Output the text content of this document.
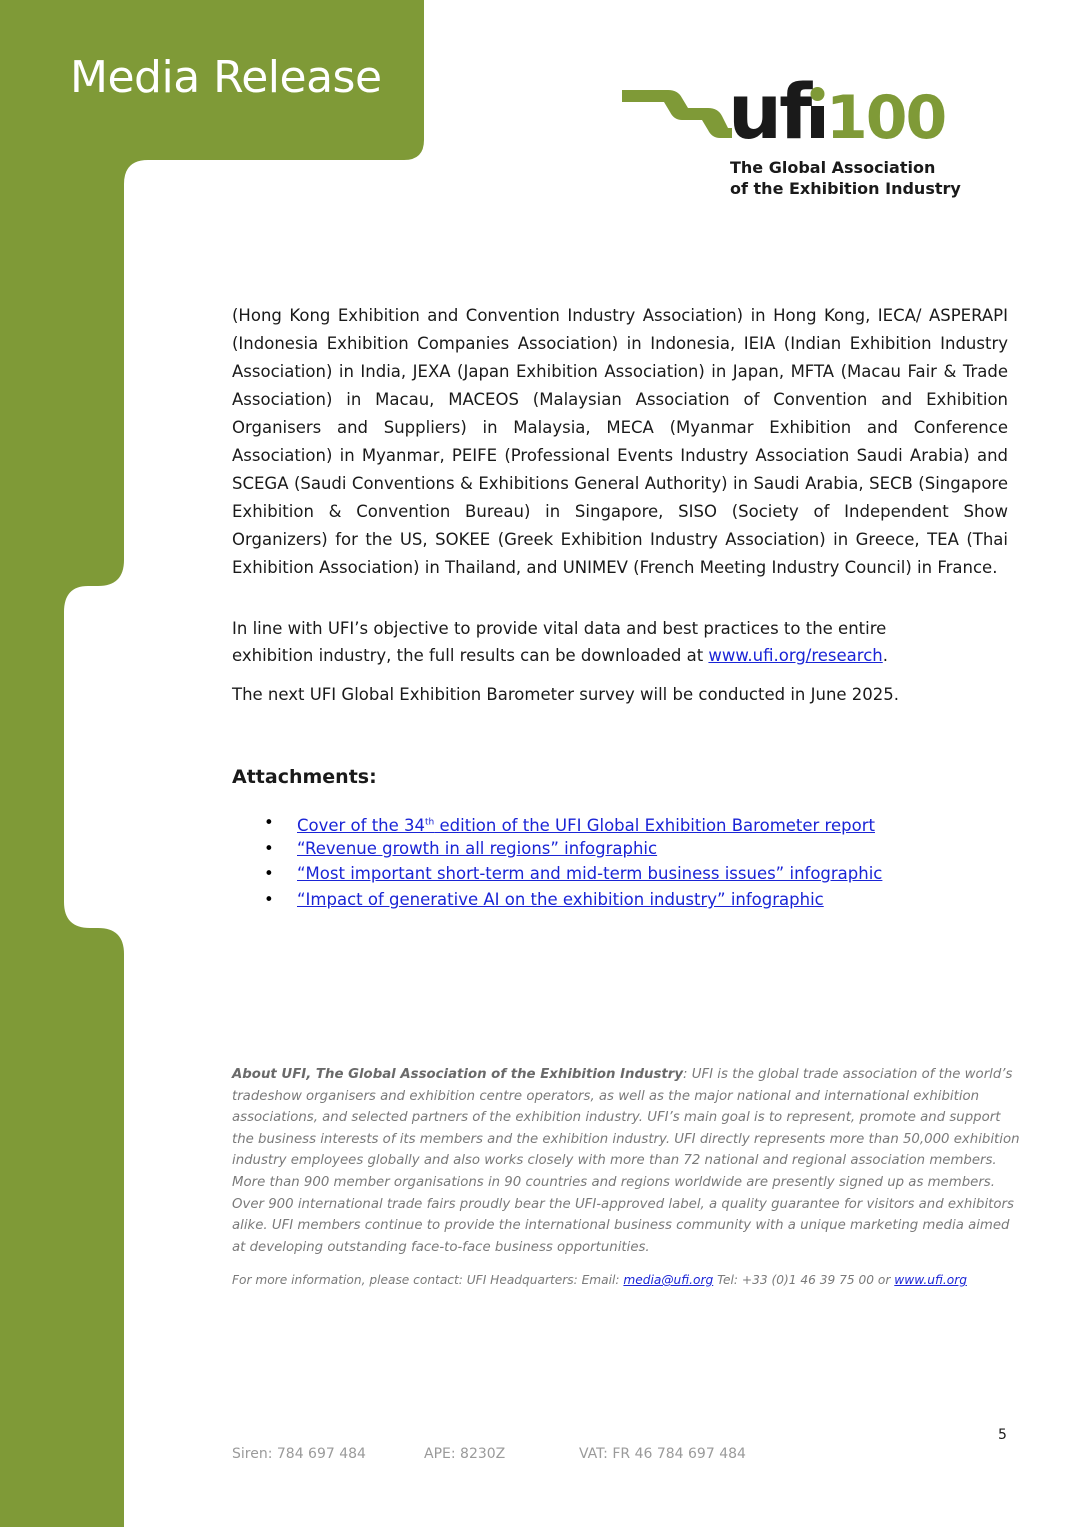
Media Release	uf 100
The Global Association
of the Exhibition Industry
(Hong Kong Exhibition and Convention Industry Association) in Hong Kong, IECA/ ASPERAPI (Indonesia Exhibition Companies Association) in Indonesia, IEIA (Indian Exhibition Industry Association) in India, JEXA (Japan Exhibition Association) in Japan, MFTA (Macau Fair & Trade Association) in Macau, MACEOS (Malaysian Association of Convention and Exhibition Organisers and Suppliers) in Malaysia, MECA (Myanmar Exhibition and Conference Association) in Myanmar, PEIFE (Professional Events Industry Association Saudi Arabia) and SCEGA (Saudi Conventions & Exhibitions General Authority) in Saudi Arabia, SECB (Singapore Exhibition & Convention Bureau) in Singapore, SISO (Society of Independent Show Organizers) for the US, SOKEE (Greek Exhibition Industry Association) in Greece, TEA (Thai Exhibition Association) in Thailand, and UNIMEV (French Meeting Industry Council) in France.
In line with UFI’s objective to provide vital data and best practices to the entire exhibition industry, the full results can be downloaded at www.ufi.org/research.
The next UFI Global Exhibition Barometer survey will be conducted in June 2025.
Attachments:
• Cover of the 34th edition of the UFI Global Exhibition Barometer report
• “Revenue growth in all regions” infographic
• “Most important short-term and mid-term business issues” infographic
• “Impact of generative AI on the exhibition industry” infographic
About UFI, The Global Association of the Exhibition Industry: UFI is the global trade association of the world’s tradeshow organisers and exhibition centre operators, as well as the major national and international exhibition associations, and selected partners of the exhibition industry. UFI’s main goal is to represent, promote and support the business interests of its members and the exhibition industry. UFI directly represents more than 50,000 exhibition industry employees globally and also works closely with more than 72 national and regional association members. More than 900 member organisations in 90 countries and regions worldwide are presently signed up as members. Over 900 international trade fairs proudly bear the UFI-approved label, a quality guarantee for visitors and exhibitors alike. UFI members continue to provide the international business community with a unique marketing media aimed at developing outstanding face-to-face business opportunities.
For more information, please contact: UFI Headquarters: Email: media@ufi.org Tel: +33 (0)1 46 39 75 00 or www.ufi.org
5
Siren: 784 697 484	APE: 8230Z	VAT: FR 46 784 697 484
